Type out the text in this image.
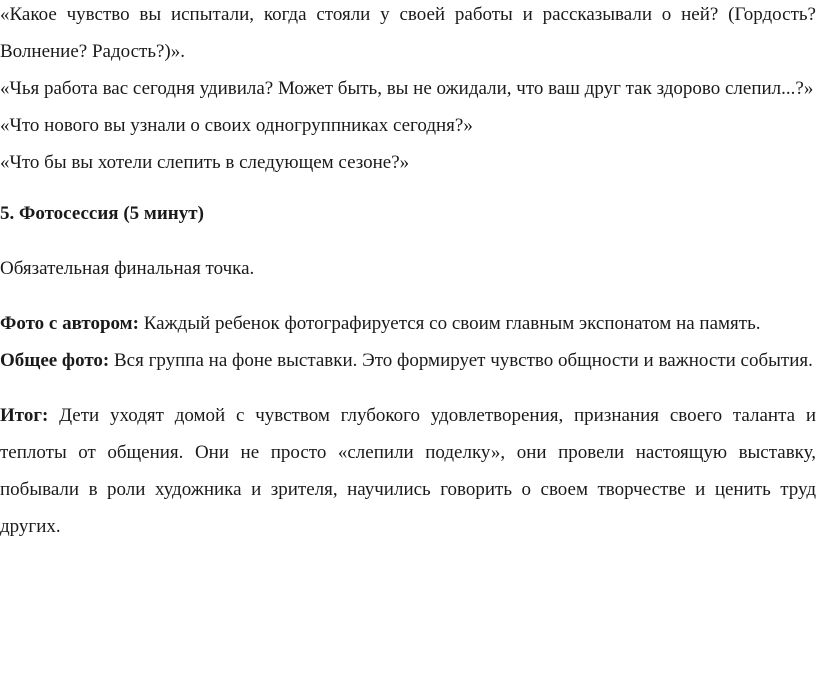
«Какое чувство вы испытали, когда стояли у своей работы и рассказывали о ней? (Гордость? Волнение? Радость?)».

«Чья работа вас сегодня удивила? Может быть, вы не ожидали, что ваш друг так здорово слепил...?»

«Что нового вы узнали о своих одногруппниках сегодня?»

«Что бы вы хотели слепить в следующем сезоне?»

5. Фотосессия (5 минут)

Обязательная финальная точка.

Фото с автором: Каждый ребенок фотографируется со своим главным экспонатом на память.

Общее фото: Вся группа на фоне выставки. Это формирует чувство общности и важности события.

Итог: Дети уходят домой с чувством глубокого удовлетворения, признания своего таланта и теплоты от общения. Они не просто «слепили поделку», они провели настоящую выставку, побывали в роли художника и зрителя, научились говорить о своем творчестве и ценить труд других.
